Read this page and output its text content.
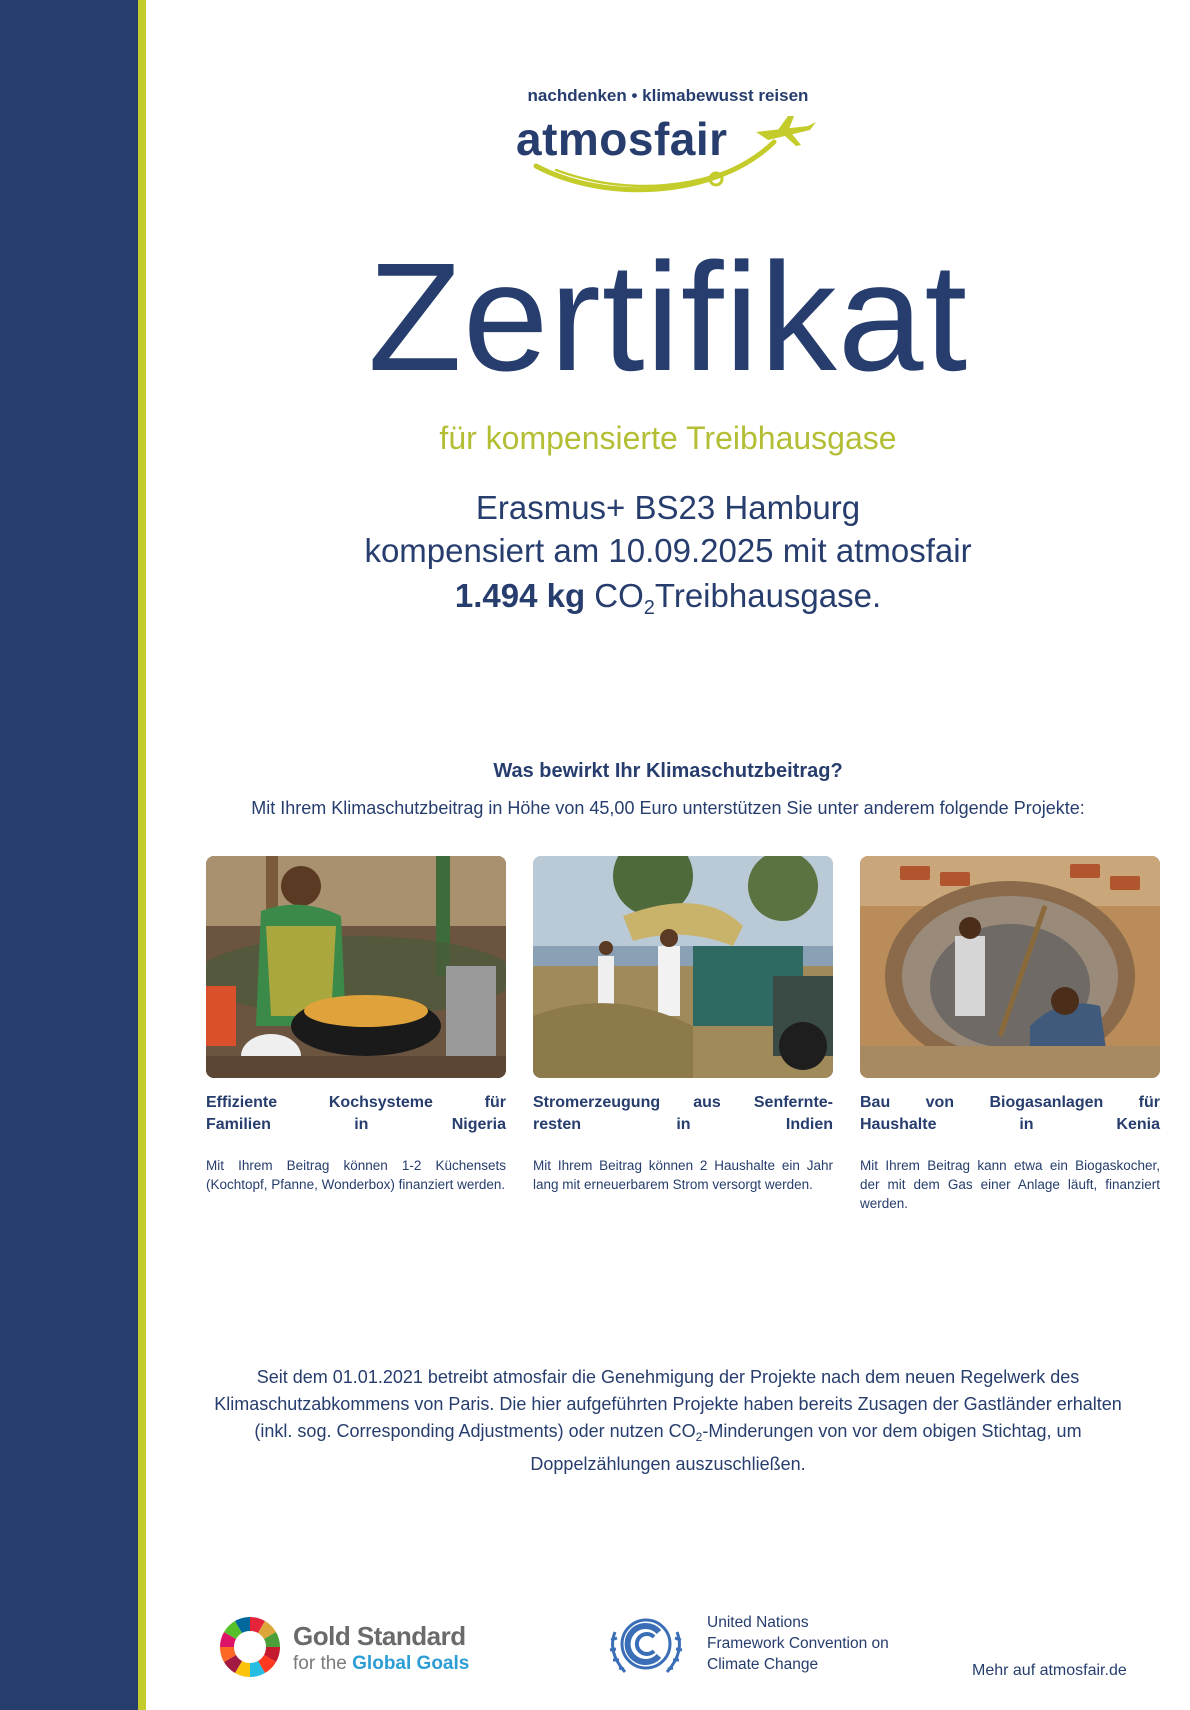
nachdenken • klimabewusst reisen
atmosfair
Zertifikat
für kompensierte Treibhausgase
Erasmus+ BS23 Hamburg
kompensiert am 10.09.2025 mit atmosfair
1.494 kg $CO_2Treibhausgase$.
Was bewirkt Ihr Klimaschutzbeitrag?
Mit Ihrem Klimaschutzbeitrag in Höhe von 45,00 Euro unterstützen Sie unter anderem folgende Projekte:
Effiziente Kochsysteme für
Familien in Nigeria
Mit Ihrem Beitrag können 1-2 Küchensets (Kochtopf, Pfanne, Wonderbox) finanziert werden.
Stromerzeugung aus Senfernte-
resten in Indien
Mit Ihrem Beitrag können 2 Haushalte ein Jahr lang mit erneuerbarem Strom versorgt werden.
Bau von Biogasanlagen für
Haushalte in Kenia
Mit Ihrem Beitrag kann etwa ein Biogaskocher, der mit dem Gas einer Anlage läuft, finanziert werden.
Seit dem 01.01.2021 betreibt atmosfair die Genehmigung der Projekte nach dem neuen Regelwerk des Klimaschutzabkommens von Paris. Die hier aufgeführten Projekte haben bereits Zusagen der Gastländer erhalten (inkl. sog. Corresponding Adjustments) oder nutzen $CO_2$-Minderungen von vor dem obigen Stichtag, um Doppelzählungen auszuschließen.
Gold Standard
for the Global Goals
United Nations
Framework Convention on
Climate Change	Mehr auf atmosfair.de
